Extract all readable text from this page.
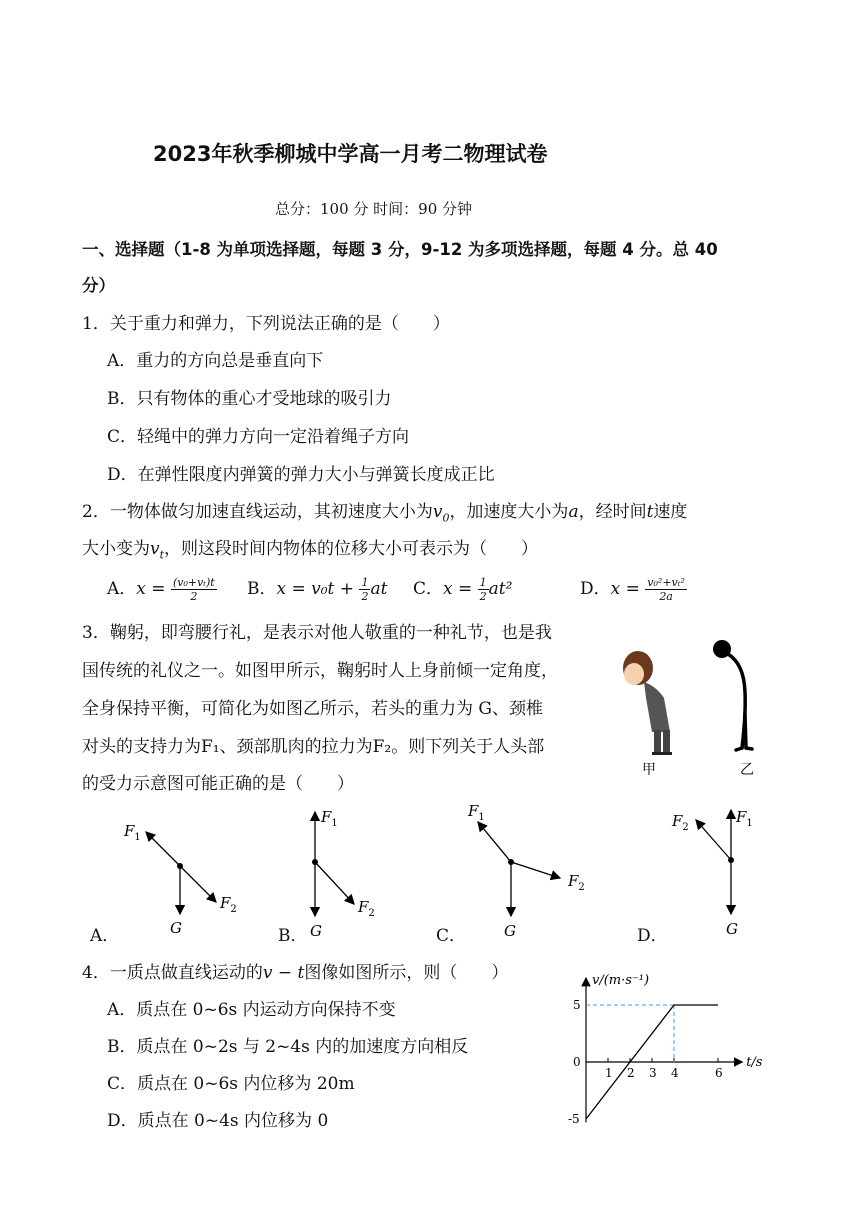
2023年秋季柳城中学高一月考二物理试卷
总分：100 分 时间：90 分钟
一、选择题（1-8 为单项选择题，每题 3 分，9-12 为多项选择题，每题 4 分。总 40
分）
1．关于重力和弹力，下列说法正确的是（　　）
A．重力的方向总是垂直向下
B．只有物体的重心才受地球的吸引力
C．轻绳中的弹力方向一定沿着绳子方向
D．在弹性限度内弹簧的弹力大小与弹簧长度成正比
2．一物体做匀加速直线运动，其初速度大小为$v_0$，加速度大小为a，经时间t速度
大小变为$v_t$，则这段时间内物体的位移大小可表示为（　　）
A．$x = \frac{\text{(v₀+vₜ)t}}{2}$ B．$x = v_0t + \frac{1}{2}$ at C．$x = \frac{1}{2} at^2$	D．$x = \frac{\text{v₀²+vₜ²}}{2a}$
3．鞠躬，即弯腰行礼，是表示对他人敬重的一种礼节，也是我
国传统的礼仪之一。如图甲所示，鞠躬时人上身前倾一定角度，
全身保持平衡，可简化为如图乙所示，若头的重力为 G、颈椎
对头的支持力为F₁、颈部肌肉的拉力为F₂。则下列关于人头部
的受力示意图可能正确的是（　　）
甲	乙
$F_1$
$F_2$
G
$F_1$
$F_2$
G
$F_1$
$F_2$
G
$F_1$
$F_2$
G
A．	B．	C．	D．
4．一质点做直线运动的v − t图像如图所示，则（　　）
A．质点在 0~6s 内运动方向保持不变
B．质点在 0~2s 与 2~4s 内的加速度方向相反
C．质点在 0~6s 内位移为 20m
D．质点在 0~4s 内位移为 0
1 2 3 4	6
5
0
-5
v/(m·s⁻¹)
t/s
